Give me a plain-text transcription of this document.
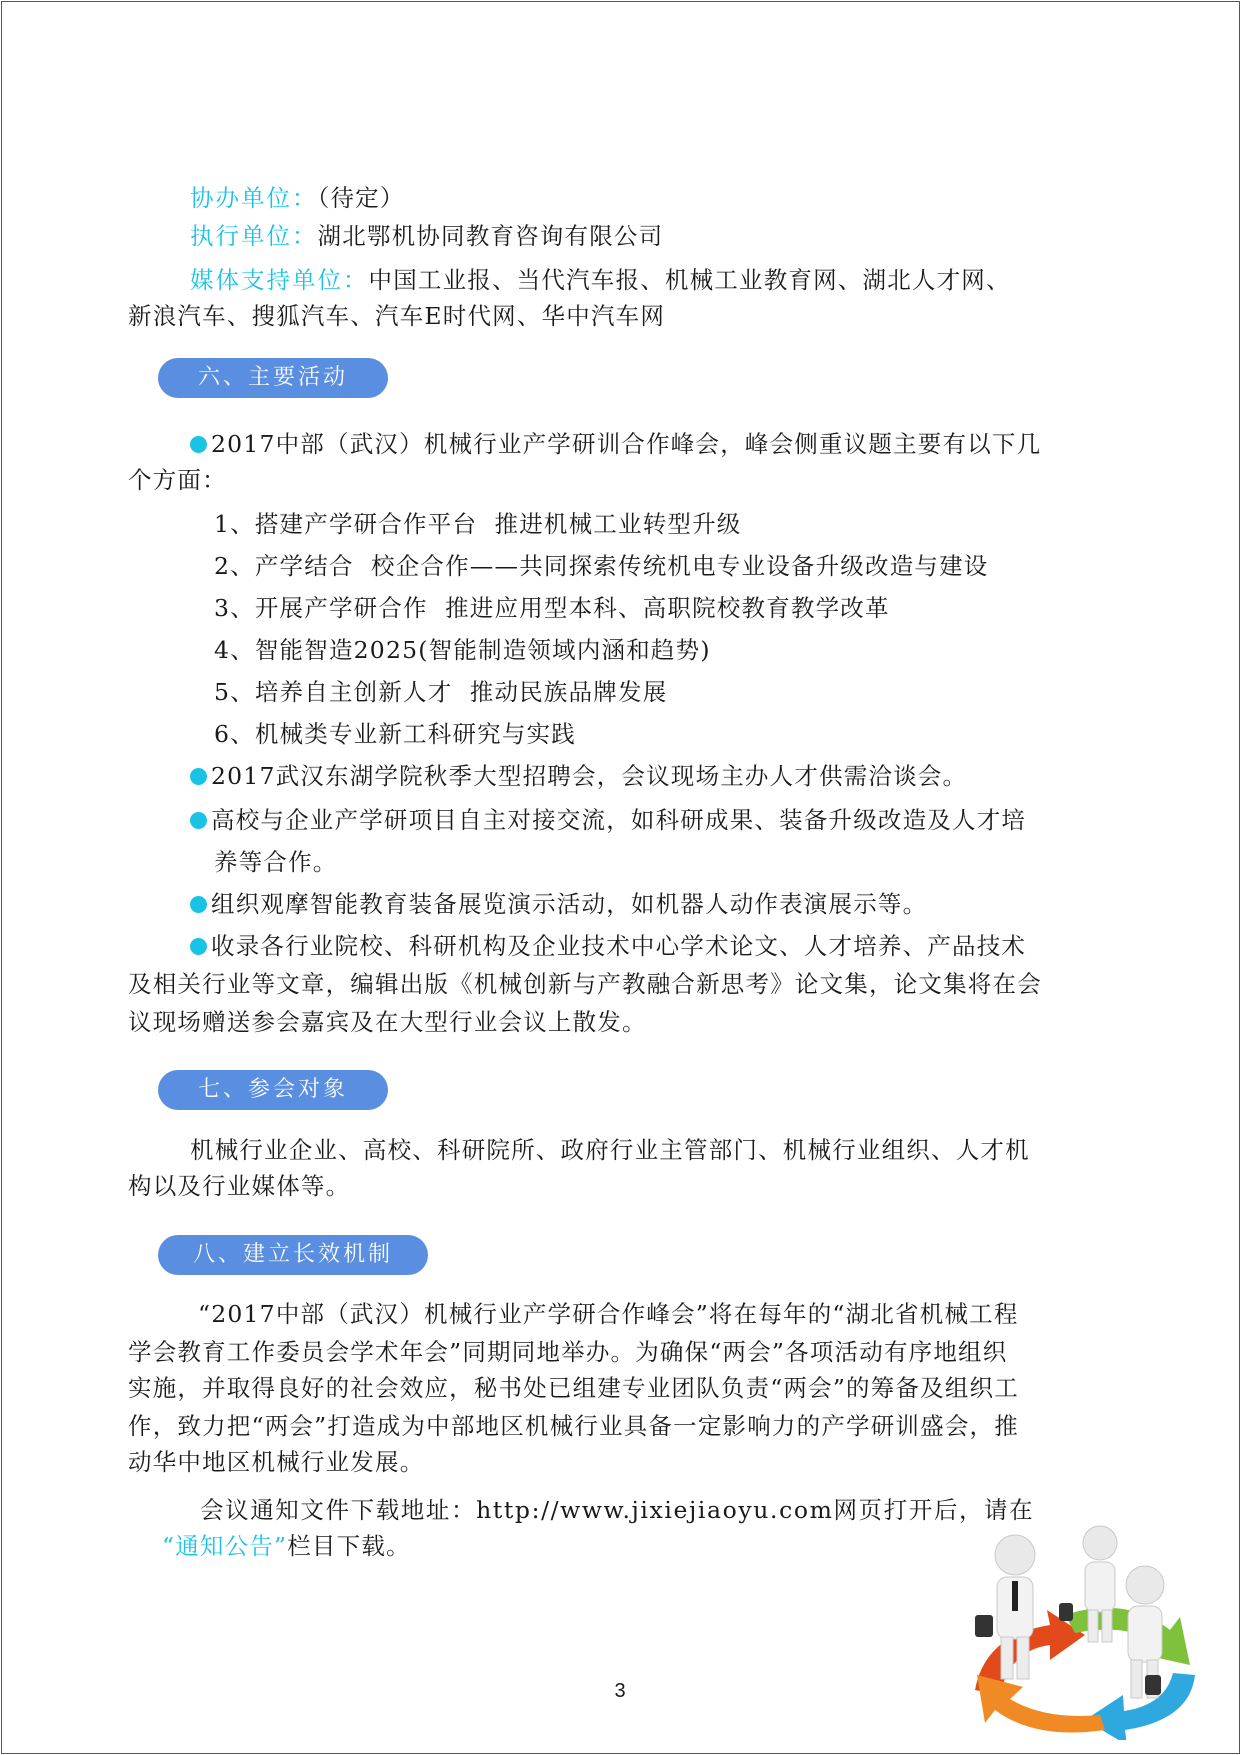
协办单位：（待定）
执行单位：湖北鄂机协同教育咨询有限公司
媒体支持单位：中国工业报、当代汽车报、机械工业教育网、湖北人才网、
新浪汽车、搜狐汽车、汽车E时代网、华中汽车网
六、主要活动
2017中部（武汉）机械行业产学研训合作峰会，峰会侧重议题主要有以下几
个方面：
1、搭建产学研合作平台  推进机械工业转型升级
2、产学结合  校企合作——共同探索传统机电专业设备升级改造与建设
3、开展产学研合作  推进应用型本科、高职院校教育教学改革
4、智能智造2025(智能制造领域内涵和趋势)
5、培养自主创新人才  推动民族品牌发展
6、机械类专业新工科研究与实践
2017武汉东湖学院秋季大型招聘会，会议现场主办人才供需洽谈会。
高校与企业产学研项目自主对接交流，如科研成果、装备升级改造及人才培
养等合作。
组织观摩智能教育装备展览演示活动，如机器人动作表演展示等。
收录各行业院校、科研机构及企业技术中心学术论文、人才培养、产品技术
及相关行业等文章，编辑出版《机械创新与产教融合新思考》论文集，论文集将在会
议现场赠送参会嘉宾及在大型行业会议上散发。
七、参会对象
机械行业企业、高校、科研院所、政府行业主管部门、机械行业组织、人才机
构以及行业媒体等。
八、建立长效机制
“2017中部（武汉）机械行业产学研合作峰会”将在每年的“湖北省机械工程
学会教育工作委员会学术年会”同期同地举办。为确保“两会”各项活动有序地组织
实施，并取得良好的社会效应，秘书处已组建专业团队负责“两会”的筹备及组织工
作，致力把“两会”打造成为中部地区机械行业具备一定影响力的产学研训盛会，推
动华中地区机械行业发展。
会议通知文件下载地址：http://www.jixiejiaoyu.com网页打开后，请在
“通知公告”栏目下载。
3
